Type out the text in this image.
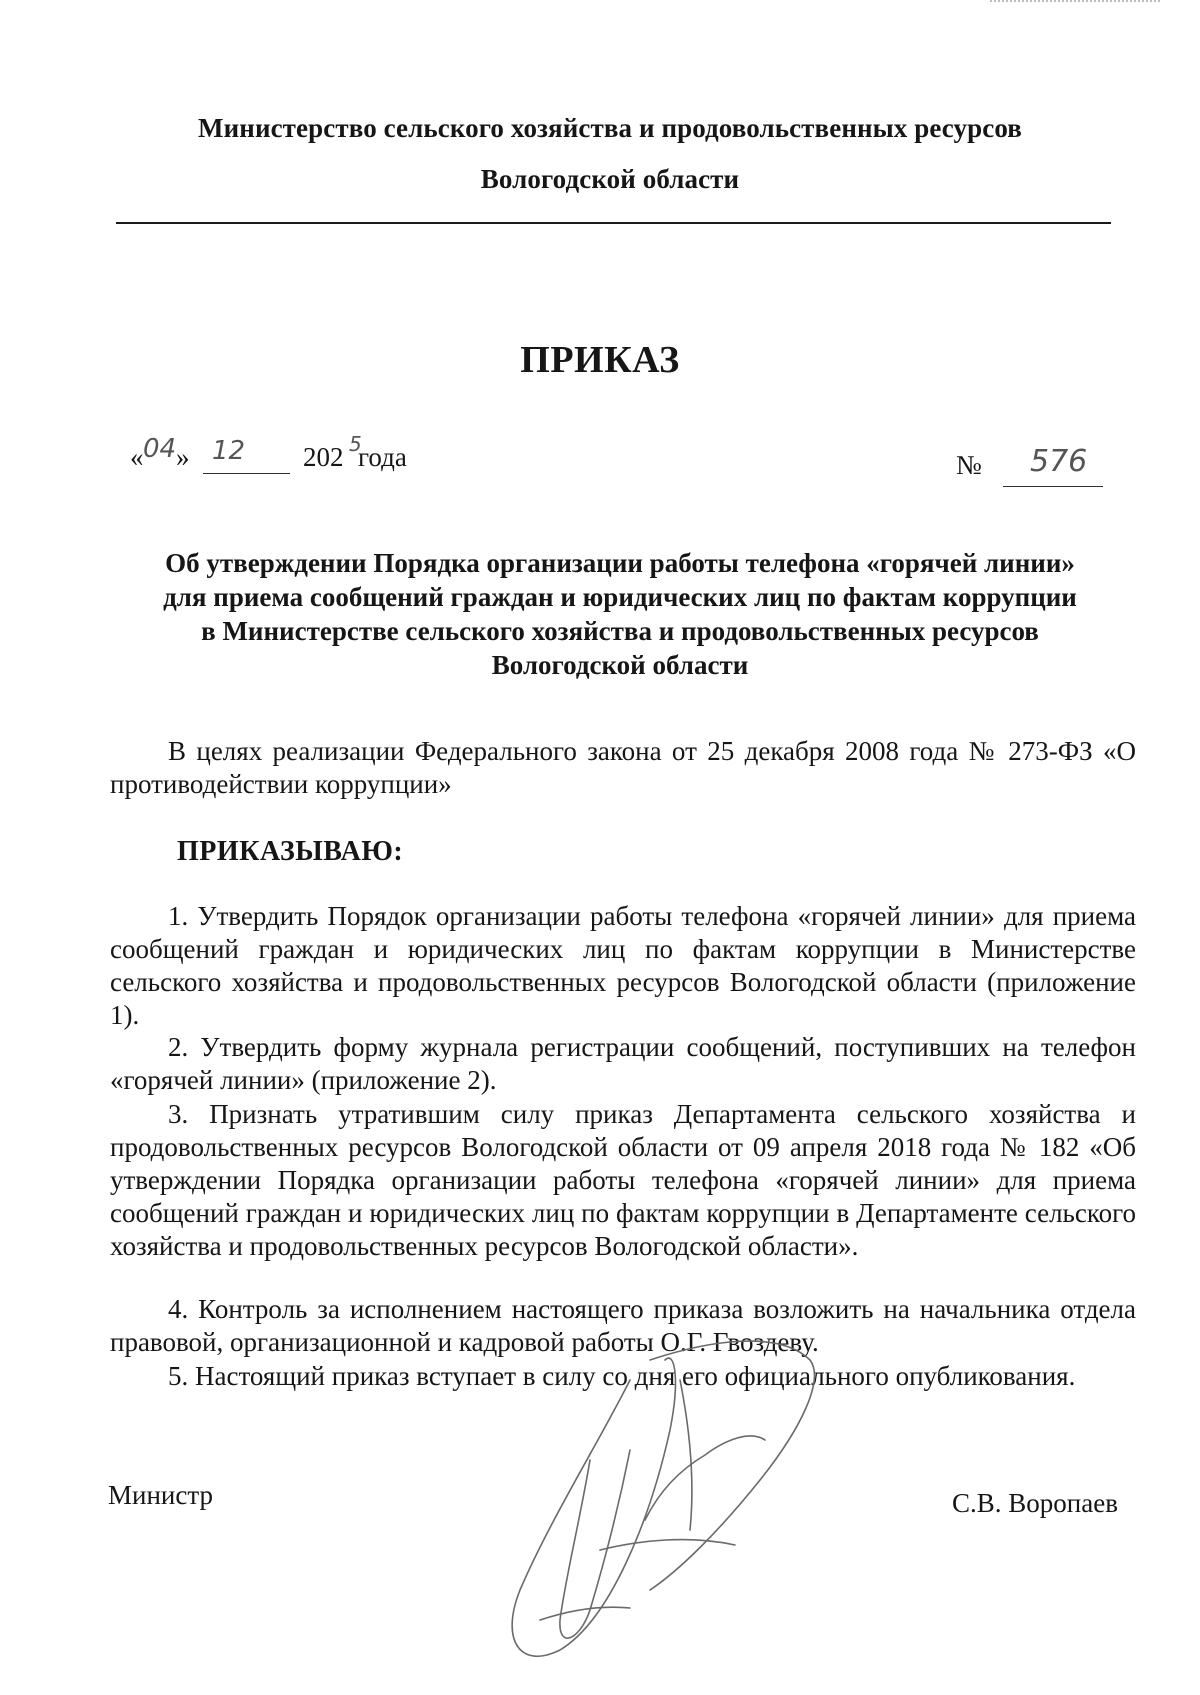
Министерство сельского хозяйства и продовольственных ресурсов
Вологодской области
ПРИКАЗ
« 04 » 12 202 5
года	№ 576
Об утверждении Порядка организации работы телефона «горячей линии»
для приема сообщений граждан и юридических лиц по фактам коррупции
в Министерстве сельского хозяйства и продовольственных ресурсов
Вологодской области
В целях реализации Федерального закона от 25 декабря 2008 года № 273-ФЗ «О противодействии коррупции»
ПРИКАЗЫВАЮ:
1. Утвердить Порядок организации работы телефона «горячей линии» для приема сообщений граждан и юридических лиц по фактам коррупции в Министерстве сельского хозяйства и продовольственных ресурсов Вологодской области (приложение 1).
2. Утвердить форму журнала регистрации сообщений, поступивших на телефон «горячей линии» (приложение 2).
3. Признать утратившим силу приказ Департамента сельского хозяйства и продовольственных ресурсов Вологодской области от 09 апреля 2018 года № 182 «Об утверждении Порядка организации работы телефона «горячей линии» для приема сообщений граждан и юридических лиц по фактам коррупции в Департаменте сельского хозяйства и продовольственных ресурсов Вологодской области».
4. Контроль за исполнением настоящего приказа возложить на начальника отдела правовой, организационной и кадровой работы О.Г. Гвоздеву.
5. Настоящий приказ вступает в силу со дня его официального опубликования.
Министр	С.В. Воропаев
